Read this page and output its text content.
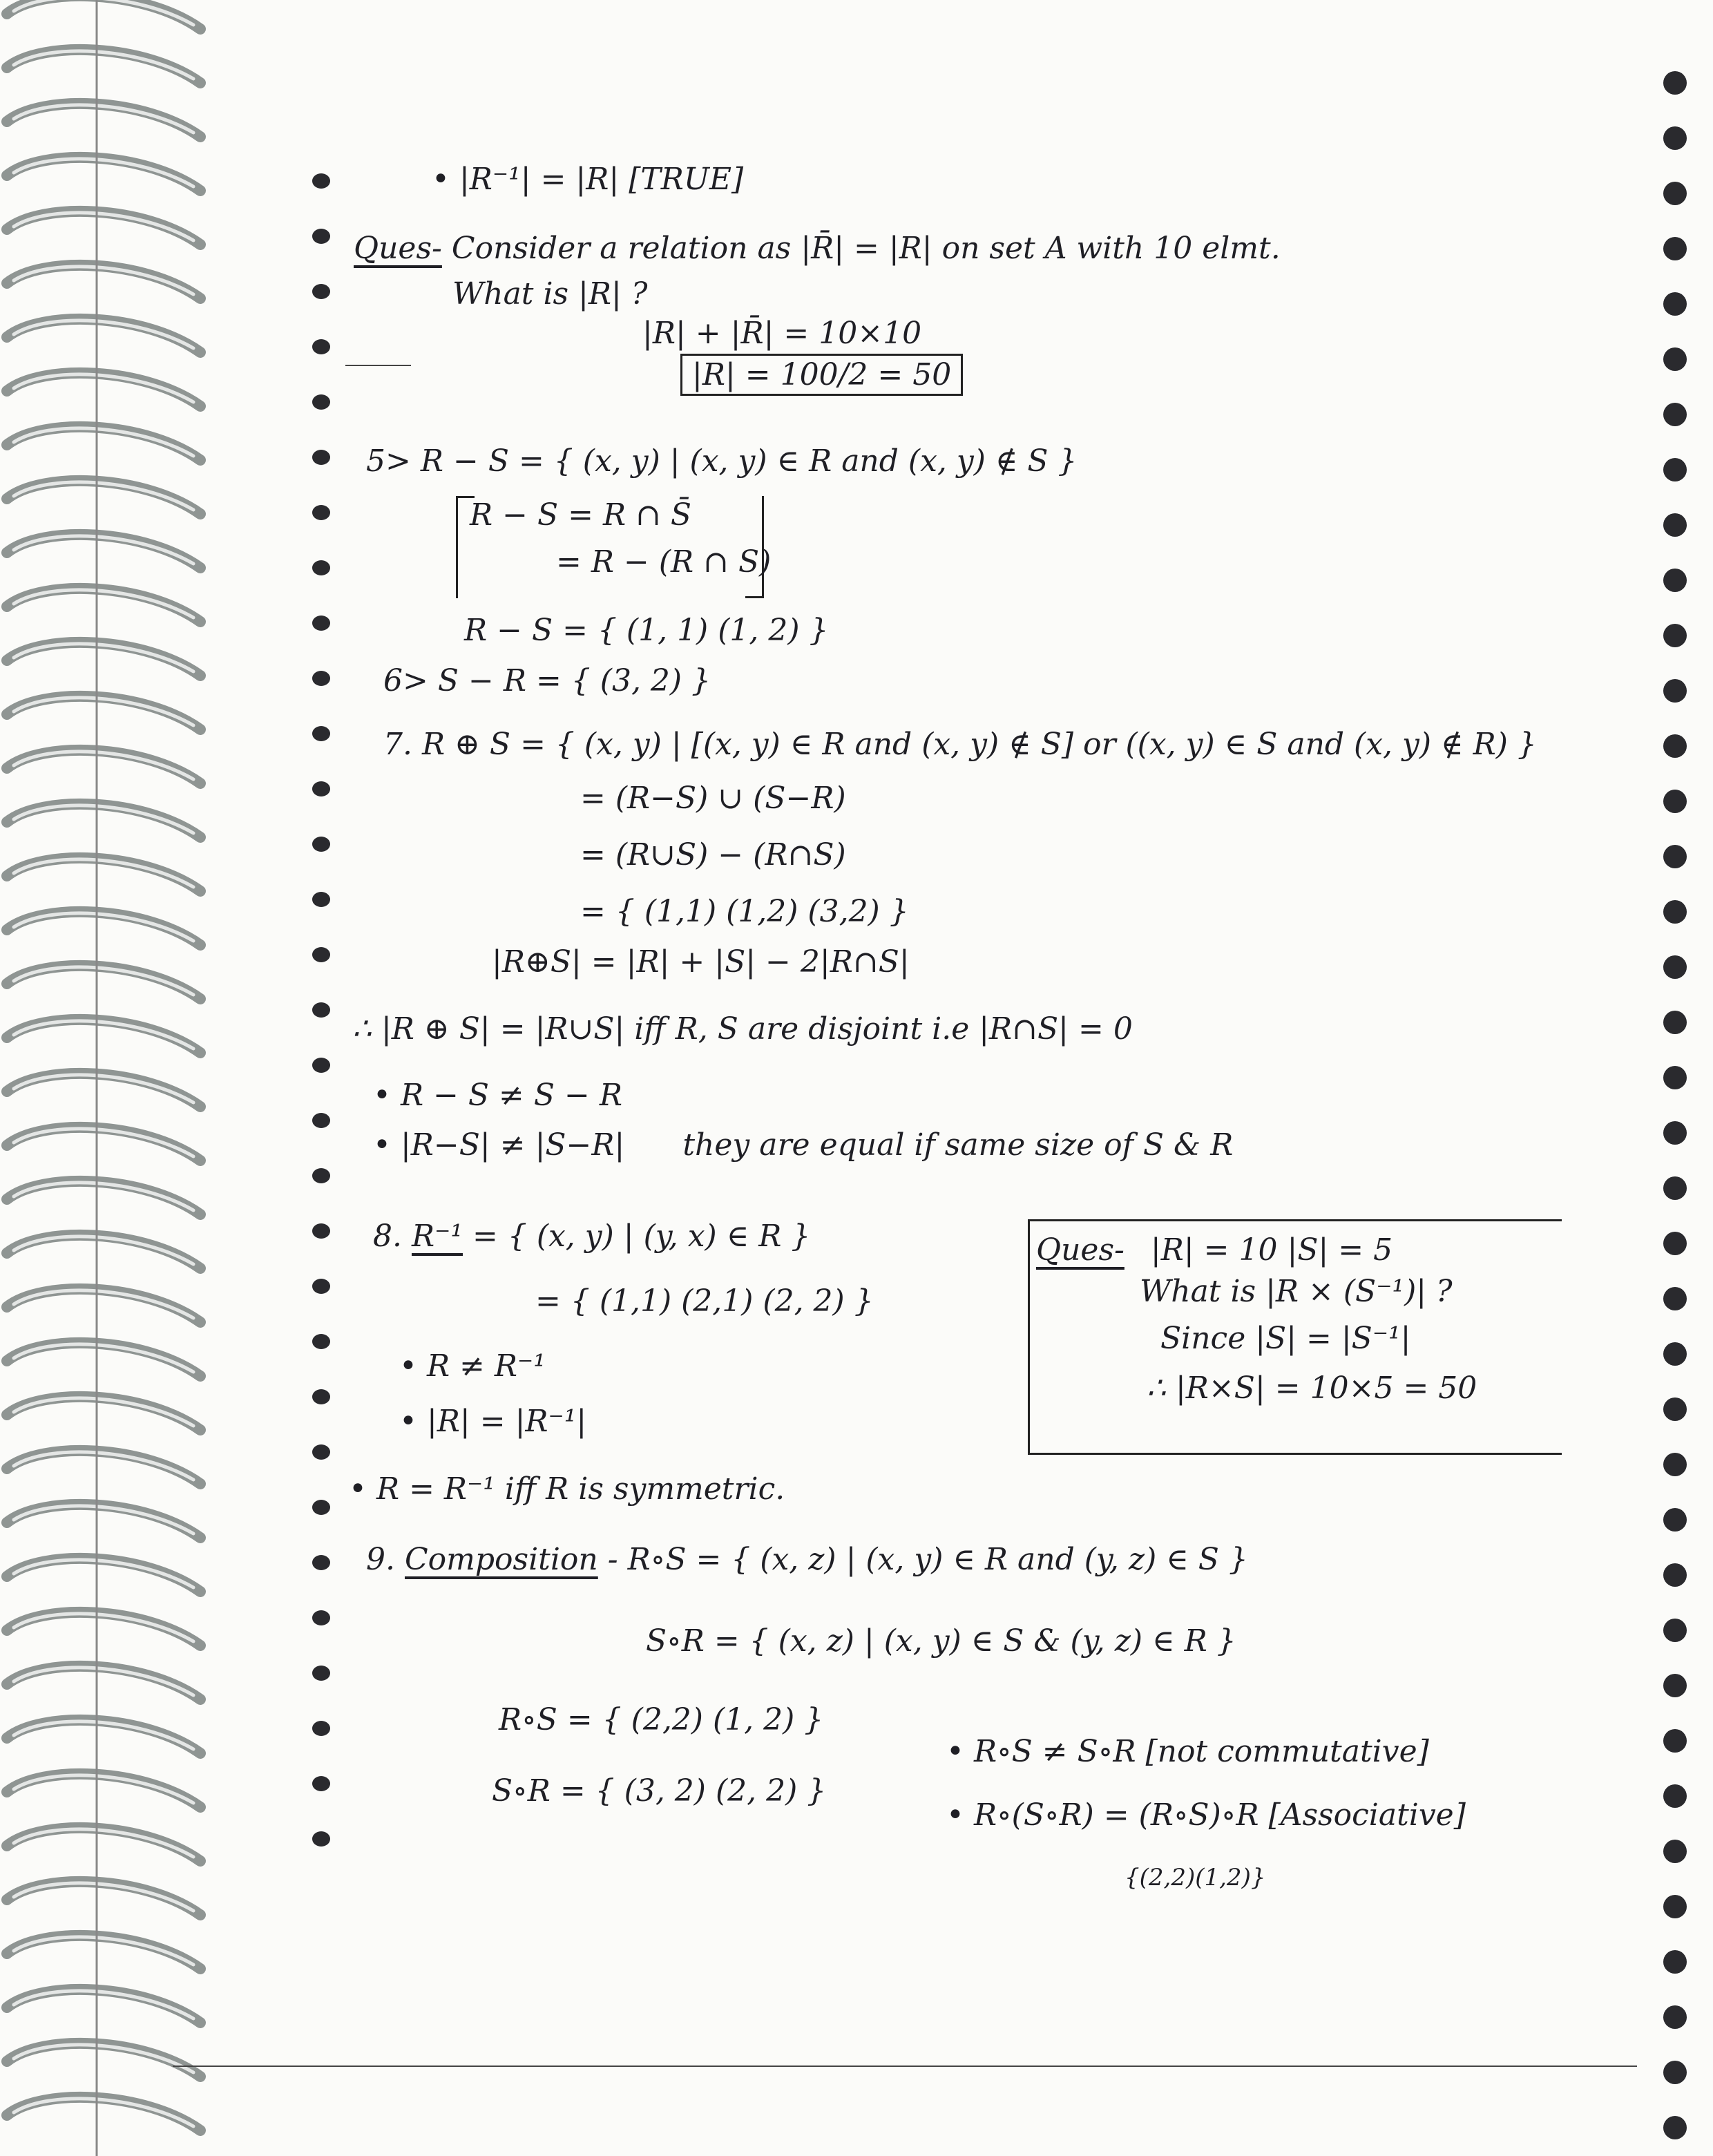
• |R⁻¹| = |R| [TRUE]
Ques- Consider a relation as |R̄| = |R| on set A with 10 elmt.
What is |R| ?
|R| + |R̄| = 10×10
|R| = 100/2 = 50
5> R − S = { (x, y) | (x, y) ∈ R and (x, y) ∉ S }
R − S = R ∩ S̄
= R − (R ∩ S)
R − S = { (1, 1) (1, 2) }
6> S − R = { (3, 2) }
7. R ⊕ S = { (x, y) | [(x, y) ∈ R and (x, y) ∉ S] or ((x, y) ∈ S and (x, y) ∉ R) }
= (R−S) ∪ (S−R)
= (R∪S) − (R∩S)
= { (1,1) (1,2) (3,2) }
|R⊕S| = |R| + |S| − 2|R∩S|
∴ |R ⊕ S| = |R∪S| iff R, S are disjoint i.e |R∩S| = 0
• R − S ≠ S − R
• |R−S| ≠ |S−R| they are equal if same size of S & R
8. R⁻¹ = { (x, y) | (y, x) ∈ R }
= { (1,1) (2,1) (2, 2) }
• R ≠ R⁻¹
• |R| = |R⁻¹|
• R = R⁻¹ iff R is symmetric.
9. Composition - R∘S = { (x, z) | (x, y) ∈ R and (y, z) ∈ S }
S∘R = { (x, z) | (x, y) ∈ S & (y, z) ∈ R }
R∘S = { (2,2) (1, 2) }
S∘R = { (3, 2) (2, 2) }
• R∘S ≠ S∘R [not commutative]
• R∘(S∘R) = (R∘S)∘R [Associative]
{(2,2)(1,2)}
Ques- |R| = 10 |S| = 5
What is |R × (S⁻¹)| ?
Since |S| = |S⁻¹|
∴ |R×S| = 10×5 = 50
